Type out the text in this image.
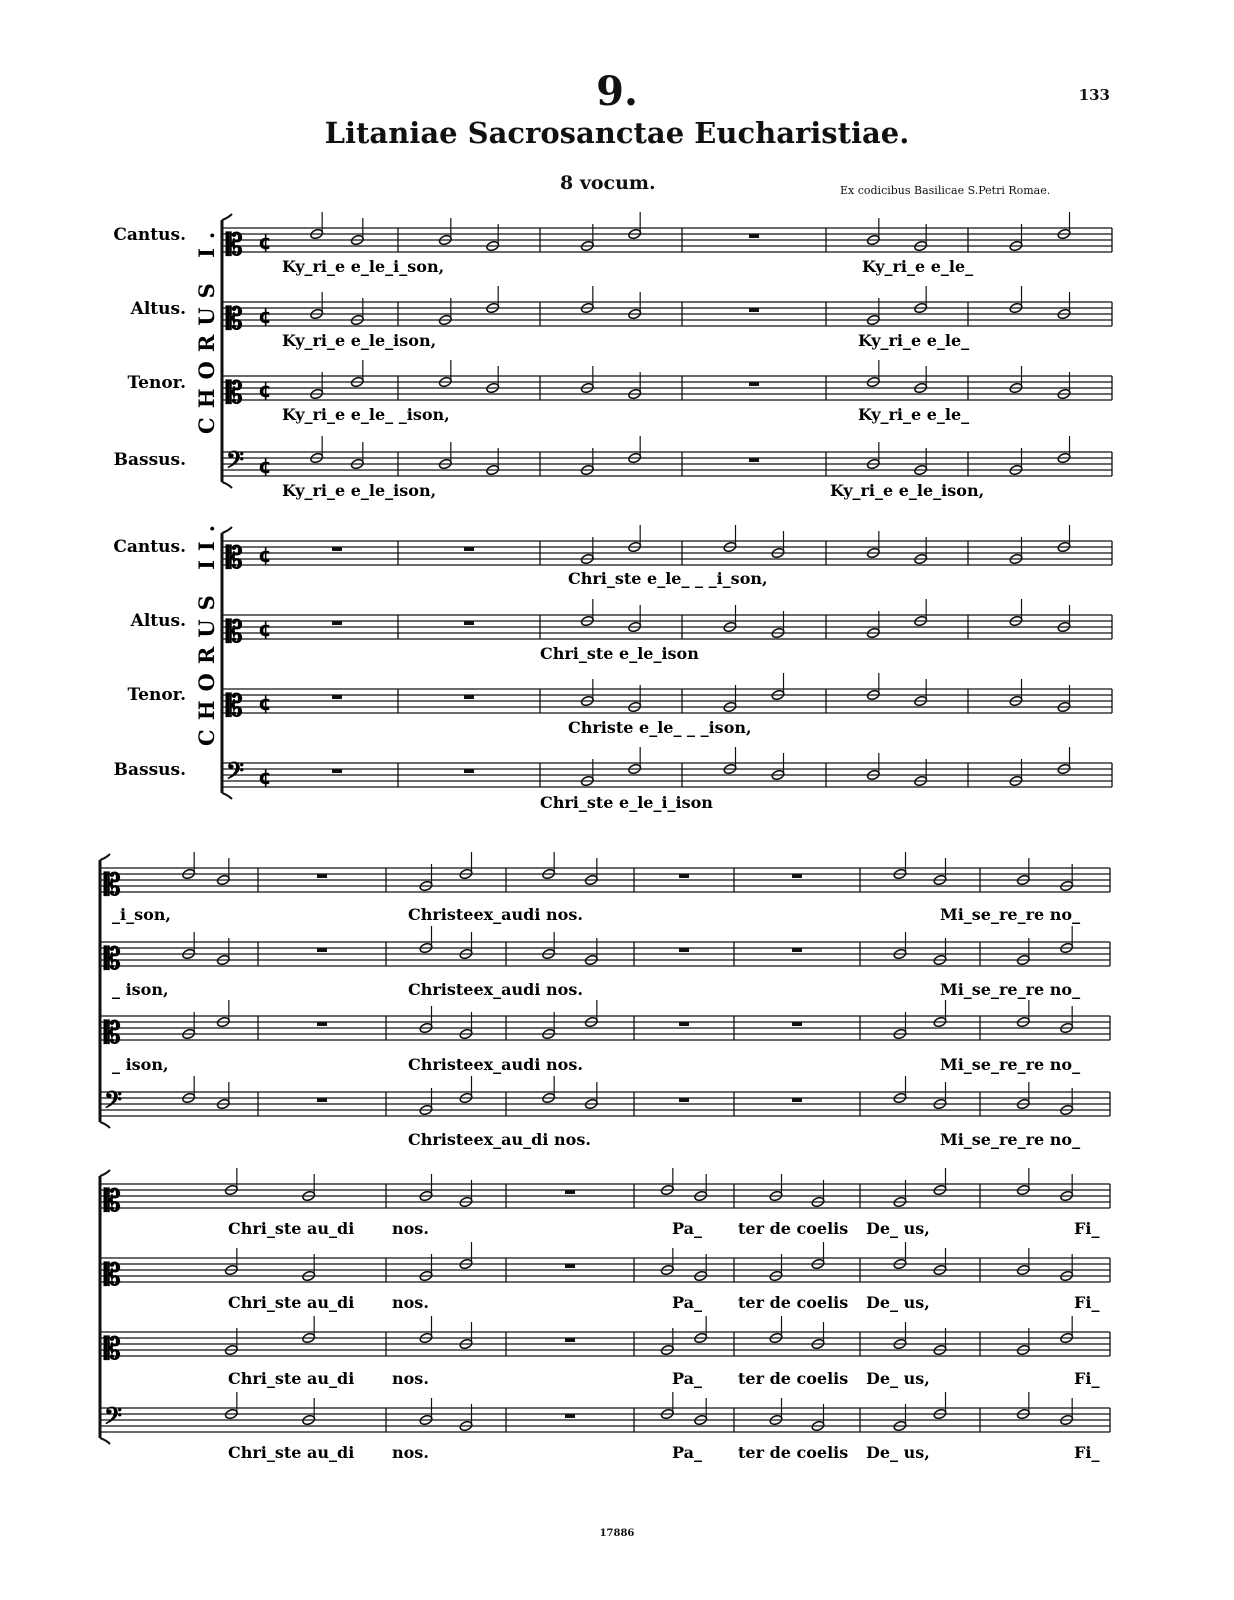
9.	133
Litaniae Sacrosanctae Eucharistiae.
8 vocum.	Ex codicibus Basilicae S.Petri Romae.
17886
𝄡 ¢
𝄡 ¢
𝄡 ¢
𝄢 ¢
Ky_ri_e e_le_i_son,	Ky_ri_e e_le_
Ky_ri_e e_le_ison,	Ky_ri_e e_le_
Ky_ri_e e_le_ _ison,	Ky_ri_e e_le_
Ky_ri_e e_le_ison,	Ky_ri_e e_le_ison,
𝄡 ¢
𝄡 ¢
𝄡 ¢
𝄢 ¢
Chri_ste e_le_ _ _i_son,
Chri_ste e_le_ison
Christe e_le_ _ _ison,
Chri_ste e_le_i_ison
𝄡
𝄡
𝄡
𝄢
_i_son,	Christeex_audi nos.	Mi_se_re_re no_
_ ison,	Christeex_audi nos.	Mi_se_re_re no_
_ ison,	Christeex_audi nos.	Mi_se_re_re no_
Christeex_au_di nos.	Mi_se_re_re no_
𝄡
𝄡
𝄡
𝄢
Chri_ste au_di nos.	Pa_ ter de coelis De_ us,	Fi_
Chri_ste au_di nos.	Pa_ ter de coelis De_ us,	Fi_
Chri_ste au_di nos.	Pa_ ter de coelis De_ us,	Fi_
Chri_ste au_di nos.	Pa_ ter de coelis De_ us,	Fi_
Cantus.
Cantus.
Altus.
Altus.
Tenor.
Tenor.
Bassus.
Bassus.
CHORUS I.
CHORUS II.
